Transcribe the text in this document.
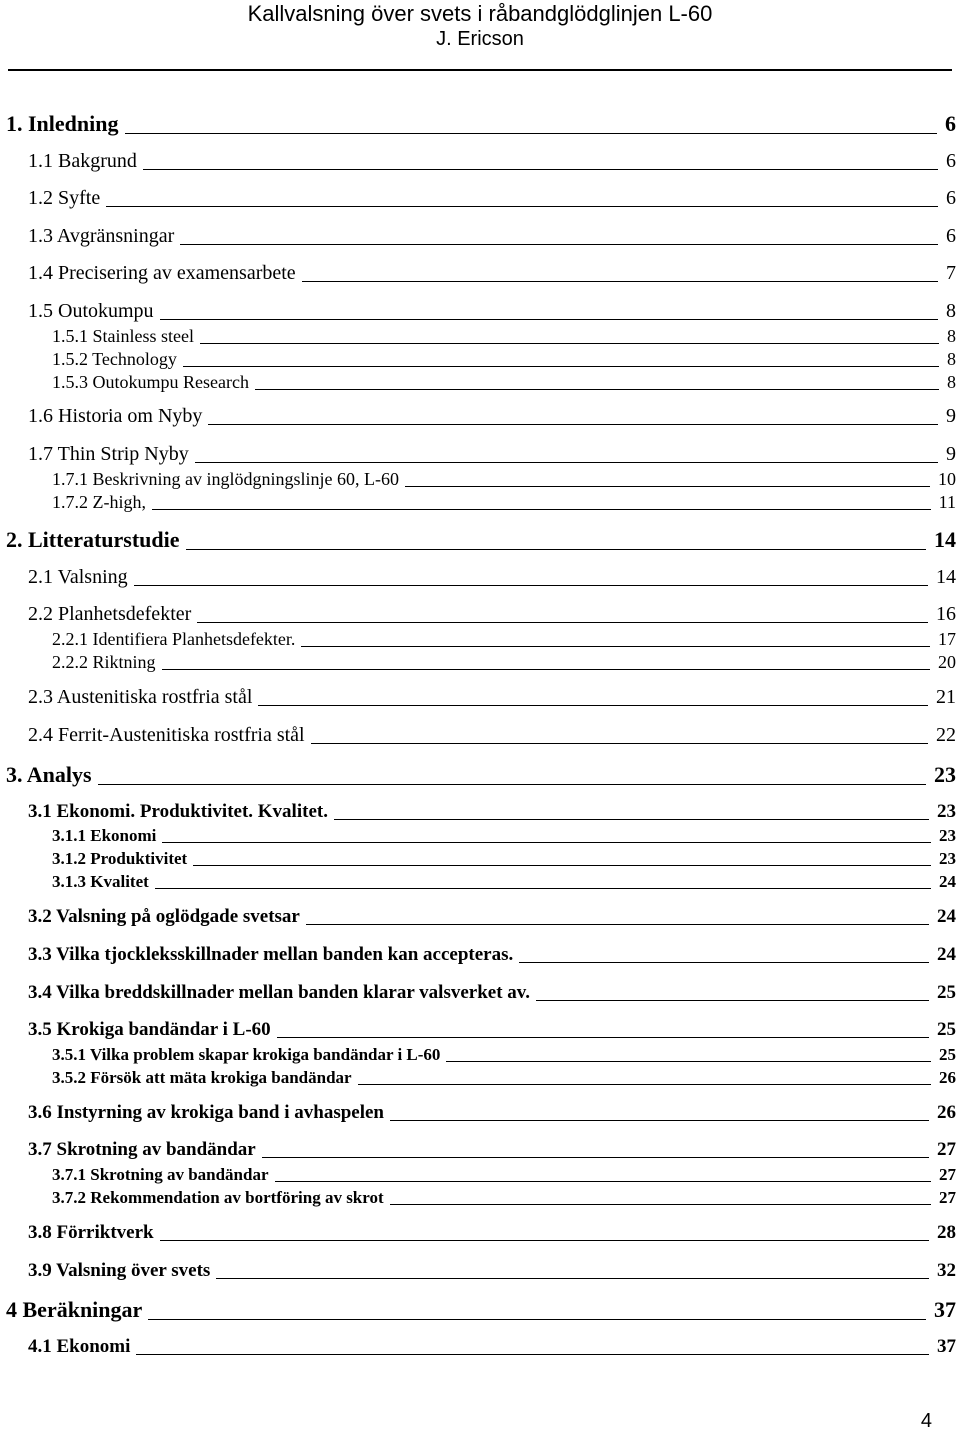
Kallvalsning över svets i råbandglödglinjen L-60
J. Ericson
1. Inledning	6
1.1 Bakgrund	6
1.2 Syfte	6
1.3 Avgränsningar	6
1.4 Precisering av examensarbete	7
1.5 Outokumpu	8
1.5.1 Stainless steel	8
1.5.2 Technology	8
1.5.3 Outokumpu Research	8
1.6 Historia om Nyby	9
1.7 Thin Strip Nyby	9
1.7.1 Beskrivning av inglödgningslinje 60, L-60	10
1.7.2 Z-high,	11
2. Litteraturstudie	14
2.1 Valsning	14
2.2 Planhetsdefekter	16
2.2.1 Identifiera Planhetsdefekter.	17
2.2.2 Riktning	20
2.3 Austenitiska rostfria stål	21
2.4 Ferrit-Austenitiska rostfria stål	22
3. Analys	23
3.1 Ekonomi. Produktivitet. Kvalitet.	23
3.1.1 Ekonomi	23
3.1.2 Produktivitet	23
3.1.3 Kvalitet	24
3.2 Valsning på oglödgade svetsar	24
3.3 Vilka tjockleksskillnader mellan banden kan accepteras.	24
3.4 Vilka breddskillnader mellan banden klarar valsverket av.	25
3.5 Krokiga bandändar i L-60	25
3.5.1 Vilka problem skapar krokiga bandändar i L-60	25
3.5.2 Försök att mäta krokiga bandändar	26
3.6 Instyrning av krokiga band i avhaspelen	26
3.7 Skrotning av bandändar	27
3.7.1 Skrotning av bandändar	27
3.7.2 Rekommendation av bortföring av skrot	27
3.8 Förriktverk	28
3.9 Valsning över svets	32
4 Beräkningar	37
4.1 Ekonomi	37
4
